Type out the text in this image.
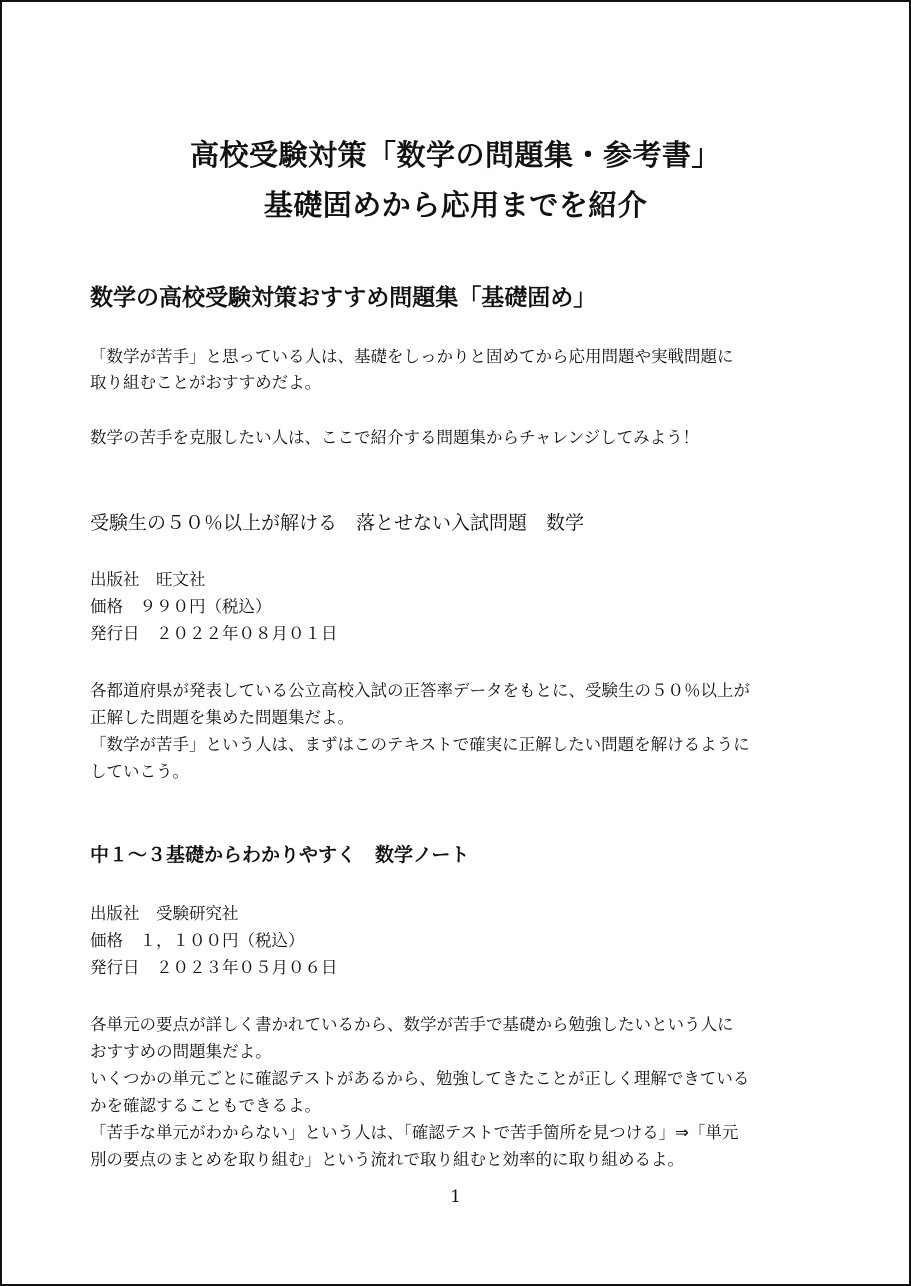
高校受験対策「数学の問題集・参考書」
基礎固めから応用までを紹介
数学の高校受験対策おすすめ問題集「基礎固め」
「数学が苦手」と思っている人は、基礎をしっかりと固めてから応用問題や実戦問題に
取り組むことがおすすめだよ。
数学の苦手を克服したい人は、ここで紹介する問題集からチャレンジしてみよう！
受験生の５０％以上が解ける　落とせない入試問題　数学
出版社　旺文社
価格　９９０円（税込）
発行日　２０２２年０８月０１日
各都道府県が発表している公立高校入試の正答率データをもとに、受験生の５０％以上が
正解した問題を集めた問題集だよ。
「数学が苦手」という人は、まずはこのテキストで確実に正解したい問題を解けるように
していこう。
中１～３基礎からわかりやすく　数学ノート
出版社　受験研究社
価格　１，１００円（税込）
発行日　２０２３年０５月０６日
各単元の要点が詳しく書かれているから、数学が苦手で基礎から勉強したいという人に
おすすめの問題集だよ。
いくつかの単元ごとに確認テストがあるから、勉強してきたことが正しく理解できている
かを確認することもできるよ。
「苦手な単元がわからない」という人は、「確認テストで苦手箇所を見つける」⇒「単元
別の要点のまとめを取り組む」という流れで取り組むと効率的に取り組めるよ。
1
